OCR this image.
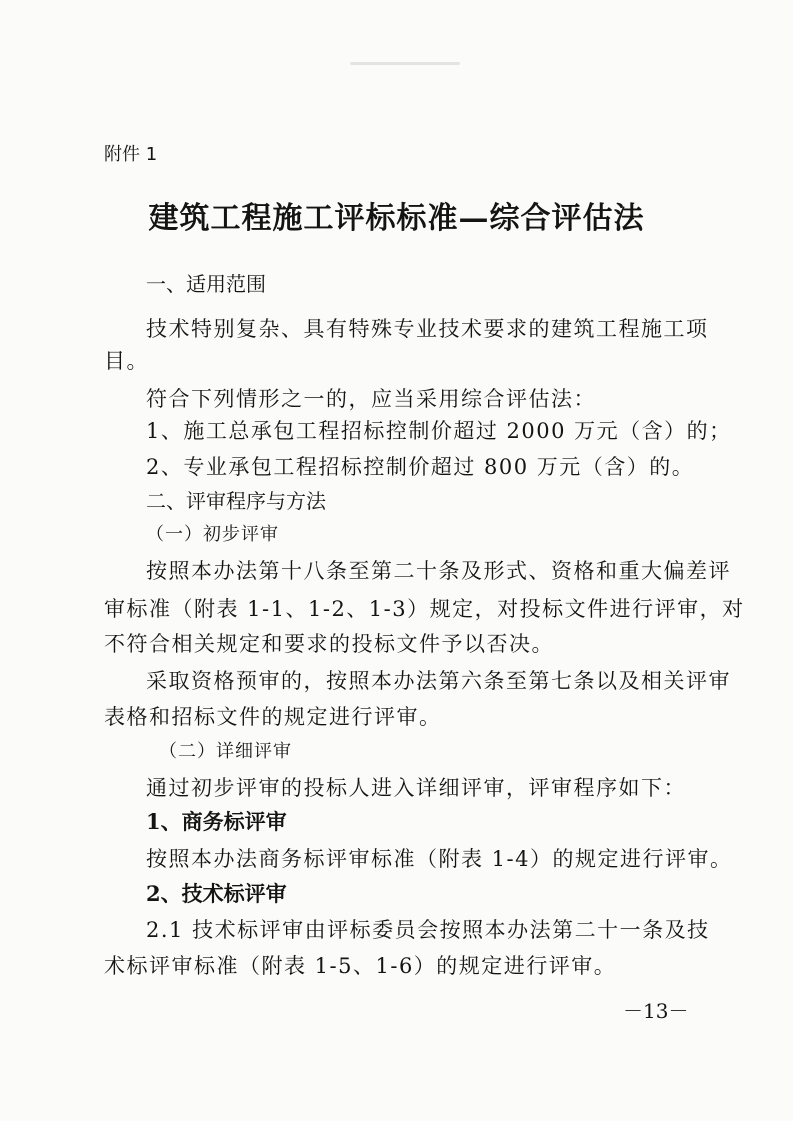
附件 1
建筑工程施工评标标准—综合评估法
一、适用范围
技术特别复杂、具有特殊专业技术要求的建筑工程施工项
目。
符合下列情形之一的，应当采用综合评估法：
1、施工总承包工程招标控制价超过 2000 万元（含）的；
2、专业承包工程招标控制价超过 800 万元（含）的。
二、评审程序与方法
（一）初步评审
按照本办法第十八条至第二十条及形式、资格和重大偏差评
审标准（附表 1-1、1-2、1-3）规定，对投标文件进行评审，对
不符合相关规定和要求的投标文件予以否决。
采取资格预审的，按照本办法第六条至第七条以及相关评审
表格和招标文件的规定进行评审。
（二）详细评审
通过初步评审的投标人进入详细评审，评审程序如下：
1、商务标评审
按照本办法商务标评审标准（附表 1-4）的规定进行评审。
2、技术标评审
2.1 技术标评审由评标委员会按照本办法第二十一条及技
术标评审标准（附表 1-5、1-6）的规定进行评审。
－13－
